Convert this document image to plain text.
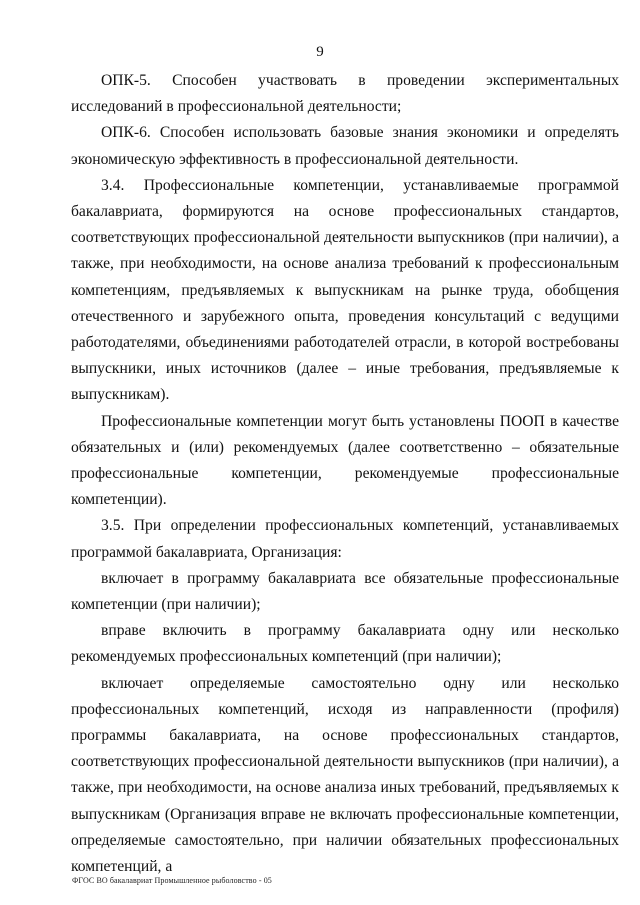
9

ОПК-5. Способен участвовать в проведении экспериментальных исследований в профессиональной деятельности;

ОПК-6. Способен использовать базовые знания экономики и определять экономическую эффективность в профессиональной деятельности.

3.4. Профессиональные компетенции, устанавливаемые программой бакалавриата, формируются на основе профессиональных стандартов, соответствующих профессиональной деятельности выпускников (при наличии), а также, при необходимости, на основе анализа требований к профессиональным компетенциям, предъявляемых к выпускникам на рынке труда, обобщения отечественного и зарубежного опыта, проведения консультаций с ведущими работодателями, объединениями работодателей отрасли, в которой востребованы выпускники, иных источников (далее – иные требования, предъявляемые к выпускникам).

Профессиональные компетенции могут быть установлены ПООП в качестве обязательных и (или) рекомендуемых (далее соответственно – обязательные профессиональные компетенции, рекомендуемые профессиональные компетенции).

3.5. При определении профессиональных компетенций, устанавливаемых программой бакалавриата, Организация:

включает в программу бакалавриата все обязательные профессиональные компетенции (при наличии);

вправе включить в программу бакалавриата одну или несколько рекомендуемых профессиональных компетенций (при наличии);

включает определяемые самостоятельно одну или несколько профессиональных компетенций, исходя из направленности (профиля) программы бакалавриата, на основе профессиональных стандартов, соответствующих профессиональной деятельности выпускников (при наличии), а также, при необходимости, на основе анализа иных требований, предъявляемых к выпускникам (Организация вправе не включать профессиональные компетенции, определяемые самостоятельно, при наличии обязательных профессиональных компетенций, а

ФГОС ВО бакалавриат Промышленное рыболовство - 05
